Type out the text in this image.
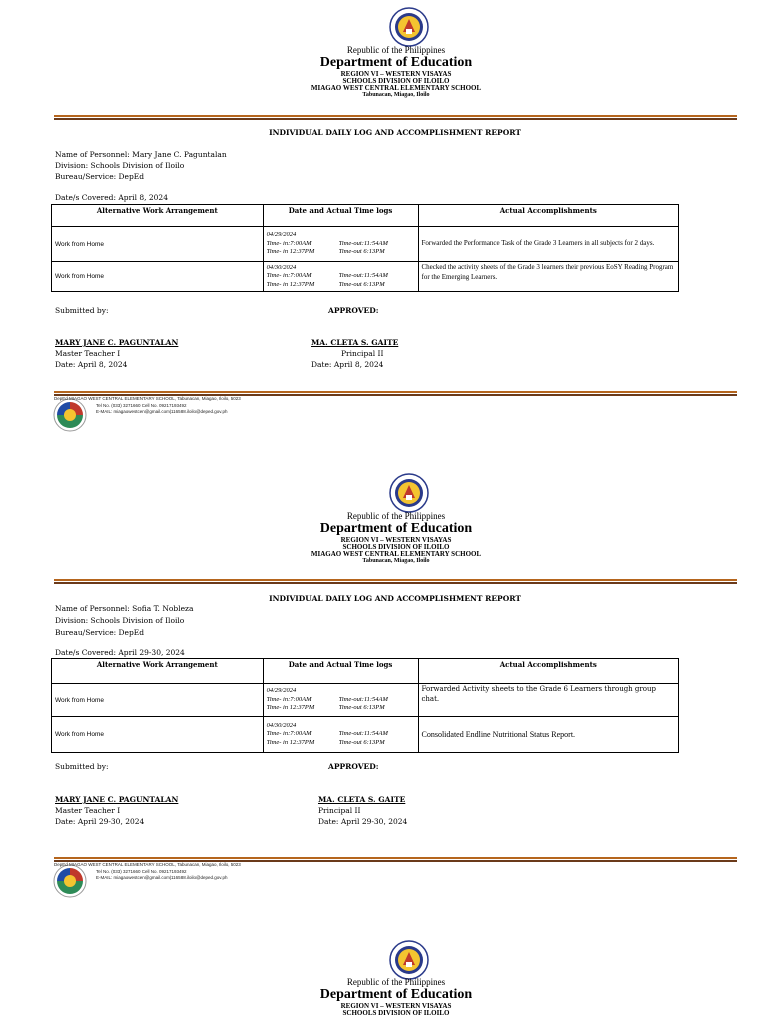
Republic of the Philippines
Department of Education
REGION VI – WESTERN VISAYAS
SCHOOLS DIVISION OF ILOILO
MIAGAO WEST CENTRAL ELEMENTARY SCHOOL
Tabunacan, Miagao, Iloilo
INDIVIDUAL DAILY LOG AND ACCOMPLISHMENT REPORT
Name of Personnel: Mary Jane C. Paguntalan
Division: Schools Division of Iloilo
Bureau/Service: DepEd
Date/s Covered: April 8, 2024
Alternative Work Arrangement	Date and Actual Time logs	Actual Accomplishments
Work from Home	04/29/2024
Time- in:7:00AM Time-out:11:54AM
Time- in 12:37PM Time-out 6:13PM	Forwarded the Performance Task of the Grade 3 Learners in all subjects for 2 days.
Work from Home	04/30/2024
Time- in:7:00AM Time-out:11:54AM
Time- in 12:37PM Time-out 6:13PM	Checked the activity sheets of the Grade 3 learners their previous EoSY Reading Program for the Emerging Learners.
Submitted by:	APPROVED:
MARY JANE C. PAGUNTALAN
Master Teacher I
Date: April 8, 2024
MA. CLETA S. GAITE
Principal II
Date: April 8, 2024
DepEd MIAGAO WEST CENTRAL ELEMENTARY SCHOOL, Tabunacan, Miagao, Iloilo, 5023
Tel No. (033) 3271660 Cell No. 09217193492
E-MAIL: miagaowestcen@gmail.com|116588.iloilo@deped.gov.ph
Republic of the Philippines
Department of Education
REGION VI – WESTERN VISAYAS
SCHOOLS DIVISION OF ILOILO
MIAGAO WEST CENTRAL ELEMENTARY SCHOOL
Tabunacan, Miagao, Iloilo
INDIVIDUAL DAILY LOG AND ACCOMPLISHMENT REPORT
Name of Personnel: Sofia T. Nobleza
Division: Schools Division of Iloilo
Bureau/Service: DepEd
Date/s Covered: April 29-30, 2024
Alternative Work Arrangement	Date and Actual Time logs	Actual Accomplishments
Work from Home	04/29/2024
Time- in:7:00AM Time-out:11:54AM
Time- in 12:37PM Time-out 6:13PM	Forwarded Activity sheets to the Grade 6 Learners through group chat.
Work from Home	04/30/2024
Time- in:7:00AM Time-out:11:54AM
Time- in 12:37PM Time-out 6:13PM	Consolidated Endline Nutritional Status Report.
Submitted by:	APPROVED:
MARY JANE C. PAGUNTALAN
Master Teacher I
Date: April 29-30, 2024
MA. CLETA S. GAITE
Principal II
Date: April 29-30, 2024
DepEd MIAGAO WEST CENTRAL ELEMENTARY SCHOOL, Tabunacan, Miagao, Iloilo, 5023
Tel No. (033) 3271660 Cell No. 09217193492
E-MAIL: miagaowestcen@gmail.com|116588.iloilo@deped.gov.ph
Republic of the Philippines
Department of Education
REGION VI – WESTERN VISAYAS
SCHOOLS DIVISION OF ILOILO
